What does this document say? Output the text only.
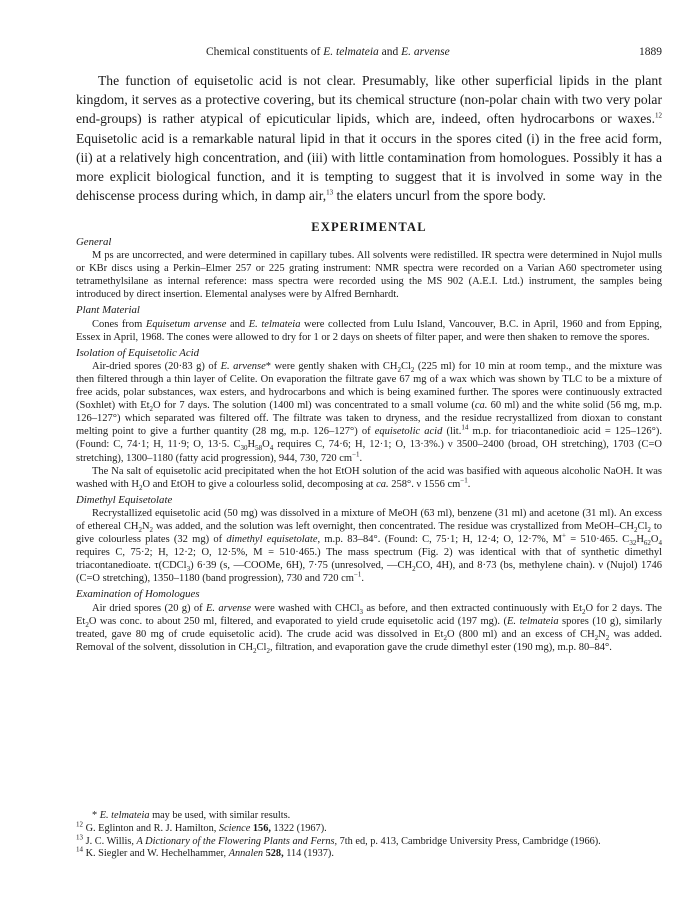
Chemical constituents of E. telmateia and E. arvense	1889

The function of equisetolic acid is not clear. Presumably, like other superficial lipids in the plant kingdom, it serves as a protective covering, but its chemical structure (non-polar chain with two very polar end-groups) is rather atypical of epicuticular lipids, which are, indeed, often hydrocarbons or waxes.$^{12}$ Equisetolic acid is a remarkable natural lipid in that it occurs in the spores cited (i) in the free acid form, (ii) at a relatively high concentration, and (iii) with little contamination from homologues. Possibly it has a more explicit biological function, and it is tempting to suggest that it is involved in some way in the dehiscense process during which, in damp air,$^{13}$ the elaters uncurl from the spore body.

EXPERIMENTAL

General

M ps are uncorrected, and were determined in capillary tubes. All solvents were redistilled. IR spectra were determined in Nujol mulls or KBr discs using a Perkin–Elmer 257 or 225 grating instrument: NMR spectra were recorded on a Varian A60 spectrometer using tetramethylsilane as internal reference: mass spectra were recorded using the MS 902 (A.E.I. Ltd.) instrument, the samples being introduced by direct insertion. Elemental analyses were by Alfred Bernhardt.

Plant Material

Cones from Equisetum arvense and E. telmateia were collected from Lulu Island, Vancouver, B.C. in April, 1960 and from Epping, Essex in April, 1968. The cones were allowed to dry for 1 or 2 days on sheets of filter paper, and were then shaken to remove the spores.

Isolation of Equisetolic Acid

Air-dried spores (20·83 g) of E. arvense* were gently shaken with $CH_2Cl_2$ (225 ml) for 10 min at room temp., and the mixture was then filtered through a thin layer of Celite. On evaporation the filtrate gave 67 mg of a wax which was shown by TLC to be a mixture of free acids, polar substances, wax esters, and hydrocarbons and which is being examined further. The spores were continuously extracted (Soxhlet) with $Et_2O$ for 7 days. The solution (1400 ml) was concentrated to a small volume (ca. 60 ml) and the white solid (56 mg, m.p. 126–127°) which separated was filtered off. The filtrate was taken to dryness, and the residue recrystallized from dioxan to constant melting point to give a further quantity (28 mg, m.p. 126–127°) of equisetolic acid (lit.$^{14}$ m.p. for triacontanedioic acid = 125–126°). (Found: C, 74·1; H, 11·9; O, 13·5. $C_{30}H_{58}O_4$ requires C, 74·6; H, 12·1; O, 13·3%.) ν 3500–2400 (broad, OH stretching), 1703 (C=O stretching), 1300–1180 (fatty acid progression), 944, 730, 720 $cm^{-1}$.

The Na salt of equisetolic acid precipitated when the hot EtOH solution of the acid was basified with aqueous alcoholic NaOH. It was washed with $H_2O$ and EtOH to give a colourless solid, decomposing at ca. 258°. ν 1556 $cm^{-1}$.

Dimethyl Equisetolate

Recrystallized equisetolic acid (50 mg) was dissolved in a mixture of MeOH (63 ml), benzene (31 ml) and acetone (31 ml). An excess of ethereal $CH_2N_2$ was added, and the solution was left overnight, then concentrated. The residue was crystallized from MeOH–$CH_2Cl_2$ to give colourless plates (32 mg) of dimethyl equisetolate, m.p. 83–84°. (Found: C, 75·1; H, 12·4; O, 12·7%, M+ = 510·465. $C_{32}H_{62}O_4$ requires C, 75·2; H, 12·2; O, 12·5%, M = 510·465.) The mass spectrum (Fig. 2) was identical with that of synthetic dimethyl triacontanedioate. τ(CDCl$_3$) 6·39 (s, —COOMe, 6H), 7·75 (unresolved, $—CH_2CO$, 4H), and 8·73 (bs, methylene chain). ν (Nujol) 1746 (C=O stretching), 1350–1180 (band progression), 730 and 720 $cm^{-1}$.

Examination of Homologues

Air dried spores (20 g) of E. arvense were washed with CHCl$_3$ as before, and then extracted continuously with $Et_2O$ for 2 days. The $Et_2O$ was conc. to about 250 ml, filtered, and evaporated to yield crude equisetolic acid (197 mg). (E. telmateia spores (10 g), similarly treated, gave 80 mg of crude equisetolic acid). The crude acid was dissolved in $Et_2O$ (800 ml) and an excess of $CH_2N_2$ was added. Removal of the solvent, dissolution in $CH_2Cl_2$, filtration, and evaporation gave the crude dimethyl ester (190 mg), m.p. 80–84°.

* E. telmateia may be used, with similar results.

$^{12}$ G. Eglinton and R. J. Hamilton, Science 156, 1322 (1967).

$^{13}$ J. C. Willis, A Dictionary of the Flowering Plants and Ferns, 7th ed, p. 413, Cambridge University Press, Cambridge (1966).

$^{14}$ K. Siegler and W. Hechelhammer, Annalen 528, 114 (1937).
